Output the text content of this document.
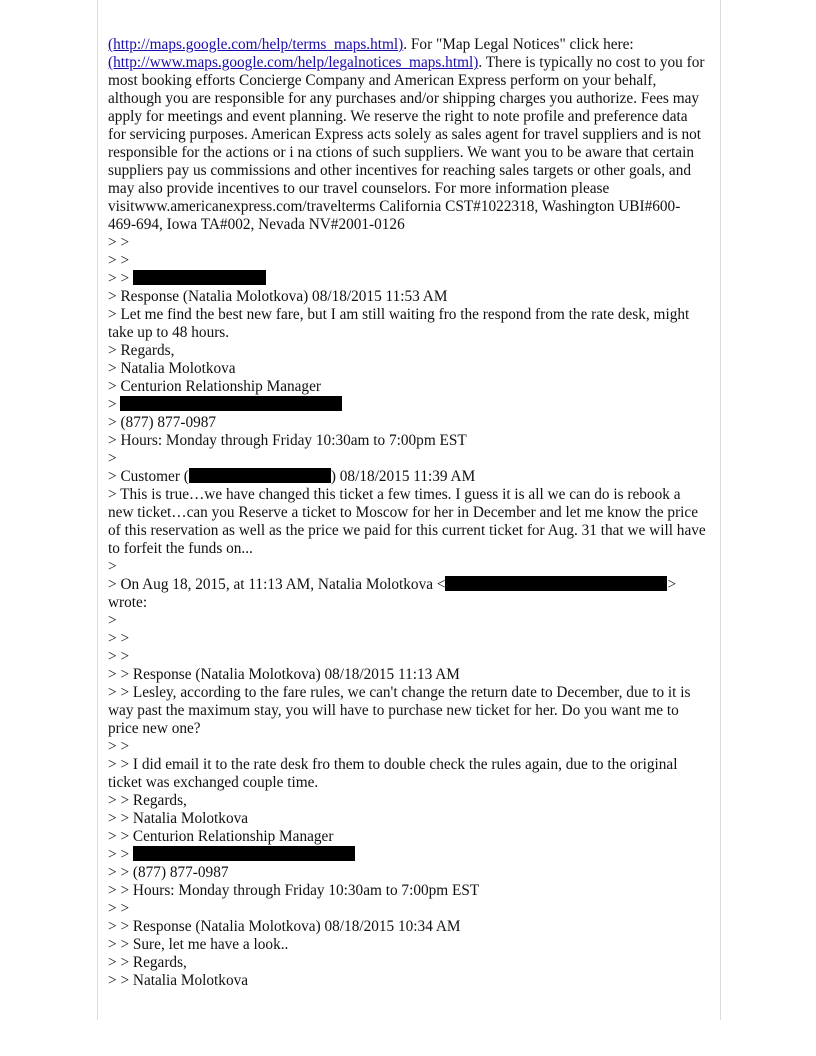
(http://maps.google.com/help/terms_maps.html). For "Map Legal Notices" click here: (http://www.maps.google.com/help/legalnotices_maps.html). There is typically no cost to you for most booking efforts Concierge Company and American Express perform on your behalf, although you are responsible for any purchases and/or shipping charges you authorize. Fees may apply for meetings and event planning. We reserve the right to note profile and preference data for servicing purposes. American Express acts solely as sales agent for travel suppliers and is not responsible for the actions or i na ctions of such suppliers. We want you to be aware that certain suppliers pay us commissions and other incentives for reaching sales targets or other goals, and may also provide incentives to our travel counselors. For more information please visitwww.americanexpress.com/travelterms California CST#1022318, Washington UBI#600-469-694, Iowa TA#002, Nevada NV#2001-0126
> >
> >
> >
> Response (Natalia Molotkova) 08/18/2015 11:53 AM
> Let me find the best new fare, but I am still waiting fro the respond from the rate desk, might take up to 48 hours.
> Regards,
> Natalia Molotkova
> Centurion Relationship Manager
>
> (877) 877-0987
> Hours: Monday through Friday 10:30am to 7:00pm EST
>
> Customer (	) 08/18/2015 11:39 AM
> This is true…we have changed this ticket a few times. I guess it is all we can do is rebook a new ticket…can you Reserve a ticket to Moscow for her in December and let me know the price of this reservation as well as the price we paid for this current ticket for Aug. 31 that we will have to forfeit the funds on...
>
> On Aug 18, 2015, at 11:13 AM, Natalia Molotkova <	>
wrote:
>
> >
> >
> > Response (Natalia Molotkova) 08/18/2015 11:13 AM
> > Lesley, according to the fare rules, we can't change the return date to December, due to it is way past the maximum stay, you will have to purchase new ticket for her. Do you want me to price new one?
> >
> > I did email it to the rate desk fro them to double check the rules again, due to the original ticket was exchanged couple time.
> > Regards,
> > Natalia Molotkova
> > Centurion Relationship Manager
> >
> > (877) 877-0987
> > Hours: Monday through Friday 10:30am to 7:00pm EST
> >
> > Response (Natalia Molotkova) 08/18/2015 10:34 AM
> > Sure, let me have a look..
> > Regards,
> > Natalia Molotkova
